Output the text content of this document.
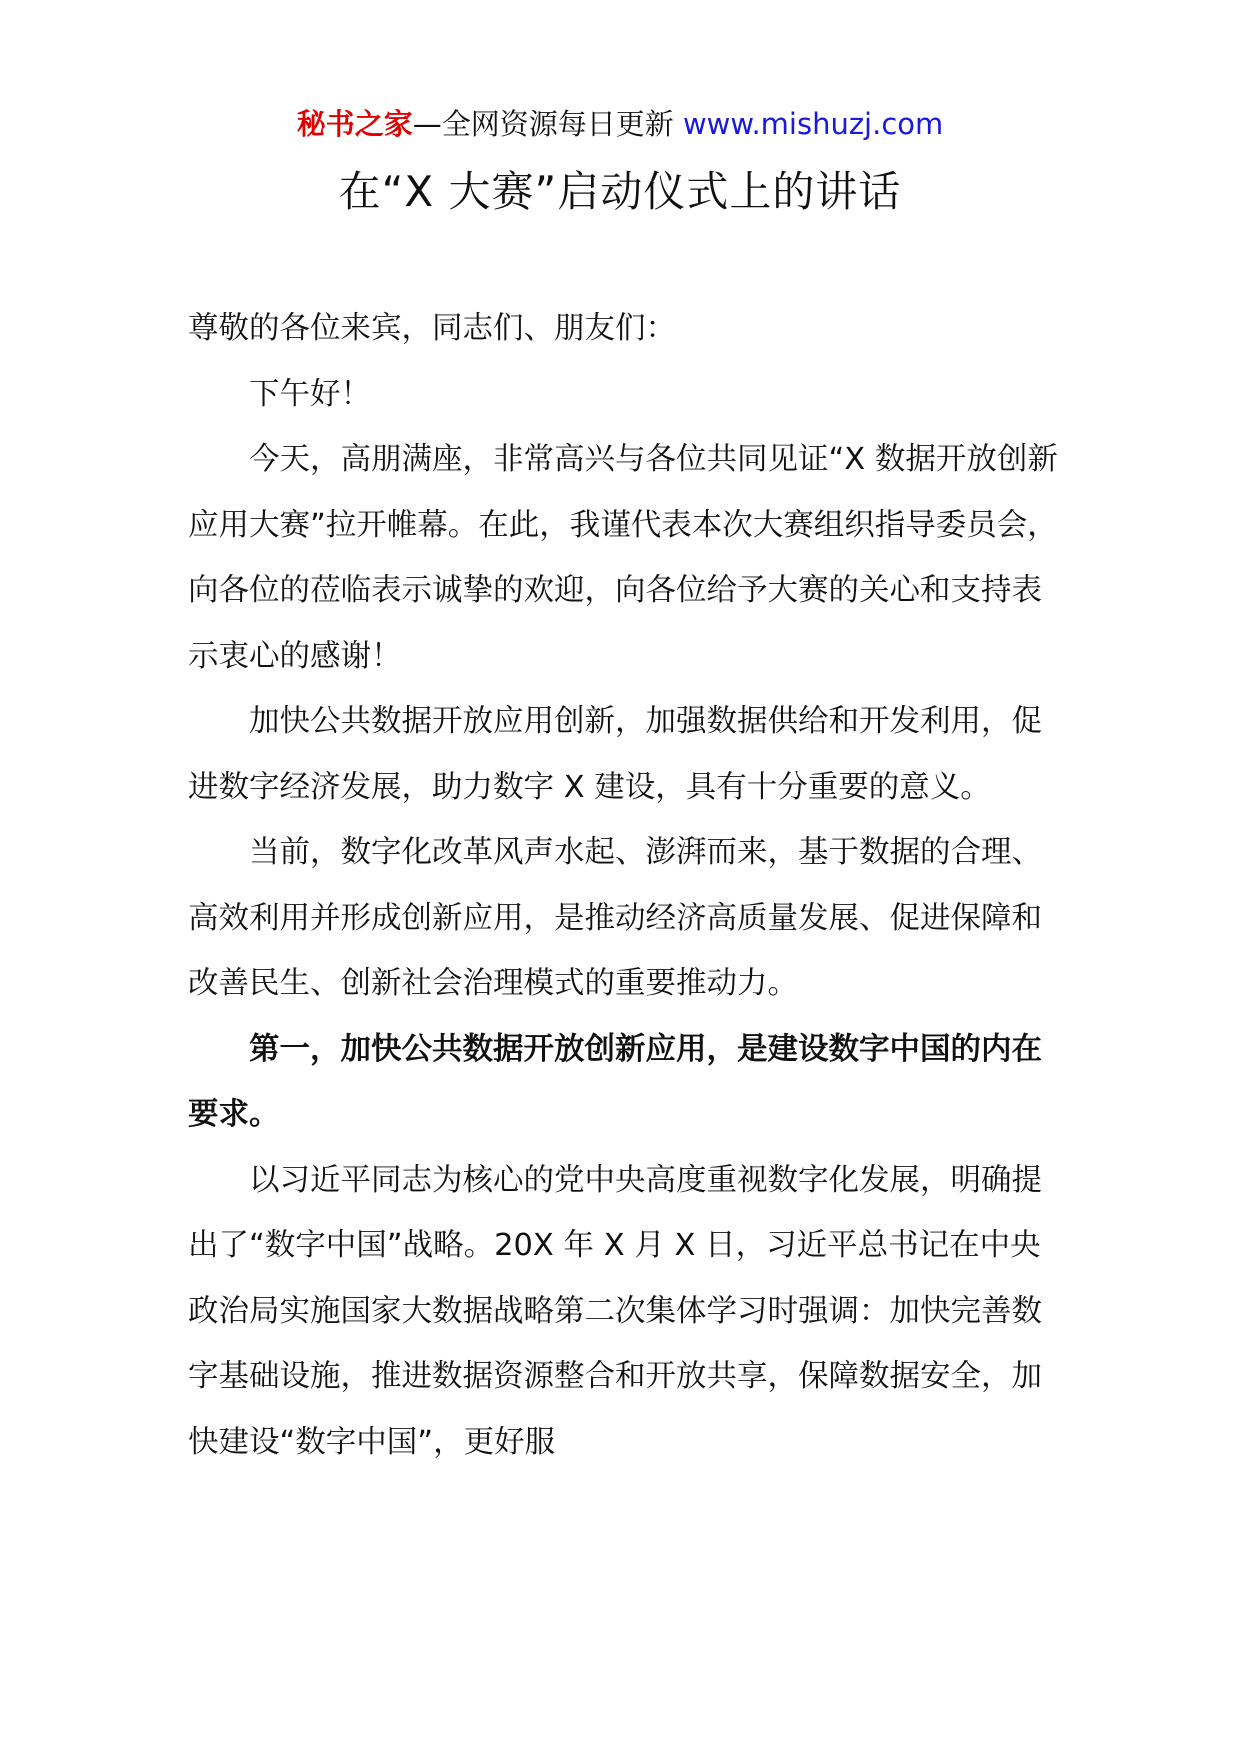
秘书之家—全网资源每日更新 www.mishuzj.com
在“X 大赛”启动仪式上的讲话

尊敬的各位来宾，同志们、朋友们：

下午好！

今天，高朋满座，非常高兴与各位共同见证“X 数据开放创新应用大赛”拉开帷幕。在此，我谨代表本次大赛组织指导委员会，向各位的莅临表示诚挚的欢迎，向各位给予大赛的关心和支持表示衷心的感谢！

加快公共数据开放应用创新，加强数据供给和开发利用，促进数字经济发展，助力数字 X 建设，具有十分重要的意义。

当前，数字化改革风声水起、澎湃而来，基于数据的合理、高效利用并形成创新应用，是推动经济高质量发展、促进保障和改善民生、创新社会治理模式的重要推动力。

第一，加快公共数据开放创新应用，是建设数字中国的内在要求。

以习近平同志为核心的党中央高度重视数字化发展，明确提出了“数字中国”战略。20X 年 X 月 X 日，习近平总书记在中央政治局实施国家大数据战略第二次集体学习时强调：加快完善数字基础设施，推进数据资源整合和开放共享，保障数据安全，加快建设“数字中国”，更好服
